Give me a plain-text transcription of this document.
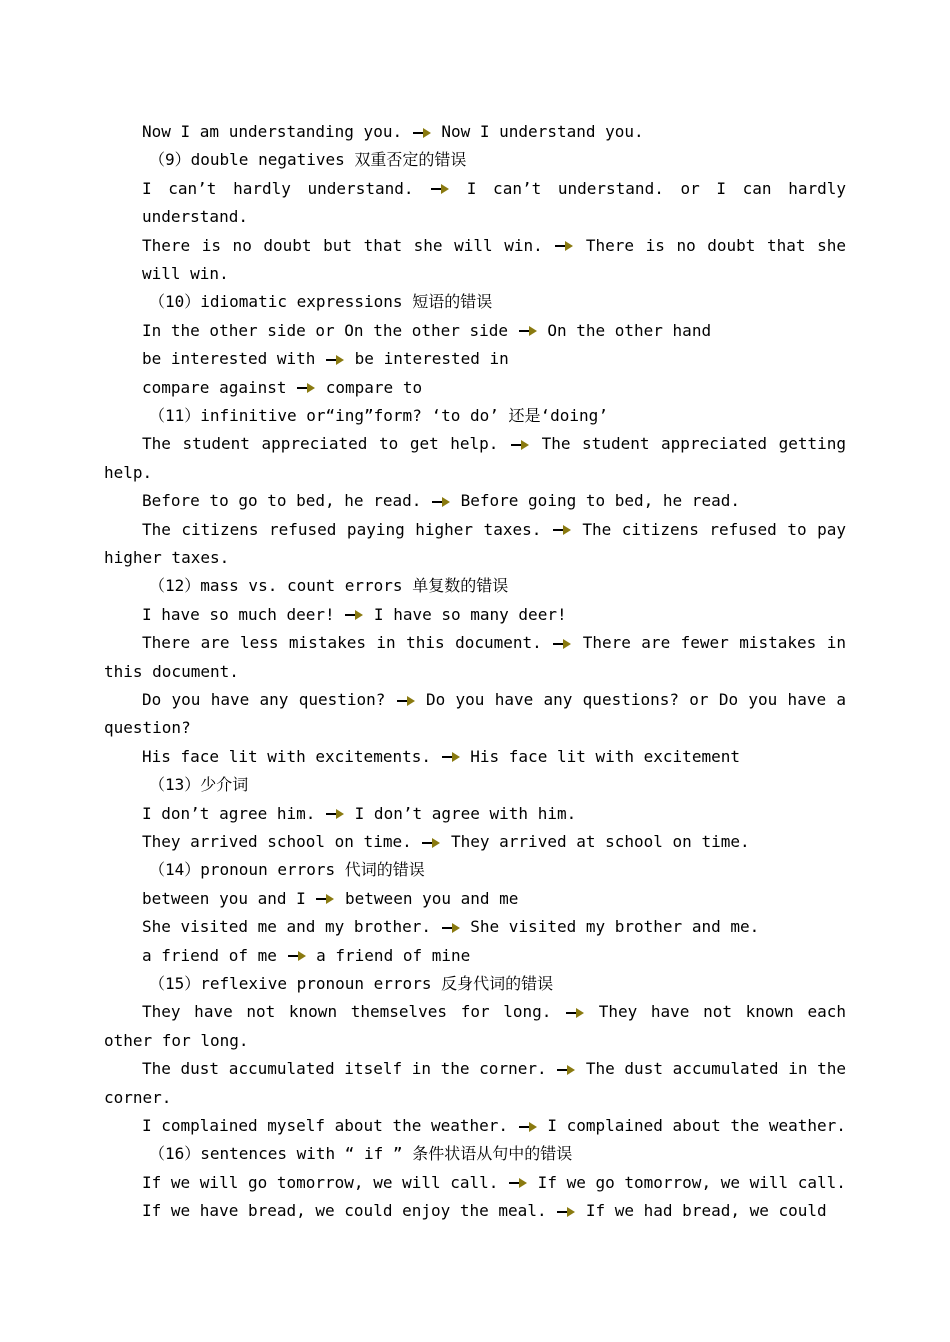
Now I am understanding you.  Now I understand you.
（9）double negatives 双重否定的错误
I can’t hardly understand.  I can’t understand. or I can hardly
understand.
There is no doubt but that she will win.  There is no doubt that she
will win.
（10）idiomatic expressions 短语的错误
In the other side or On the other side  On the other hand
be interested with  be interested in
compare against  compare to
（11）infinitive or“ing”form? ‘to do’ 还是‘doing’
The student appreciated to get help.  The student appreciated getting
help.
Before to go to bed, he read.  Before going to bed, he read.
The citizens refused paying higher taxes.  The citizens refused to pay
higher taxes.
（12）mass vs. count errors 单复数的错误
I have so much deer!  I have so many deer!
There are less mistakes in this document.  There are fewer mistakes in
this document.
Do you have any question?  Do you have any questions? or Do you have a
question?
His face lit with excitements.  His face lit with excitement
（13）少介词
I don’t agree him.  I don’t agree with him.
They arrived school on time.  They arrived at school on time.
（14）pronoun errors 代词的错误
between you and I  between you and me
She visited me and my brother.  She visited my brother and me.
a friend of me  a friend of mine
（15）reflexive pronoun errors 反身代词的错误
They have not known themselves for long.  They have not known each
other for long.
The dust accumulated itself in the corner.  The dust accumulated in the
corner.
I complained myself about the weather.  I complained about the weather.
（16）sentences with “ if ” 条件状语从句中的错误
If we will go tomorrow, we will call.  If we go tomorrow, we will call.
If we have bread, we could enjoy the meal.  If we had bread, we could
